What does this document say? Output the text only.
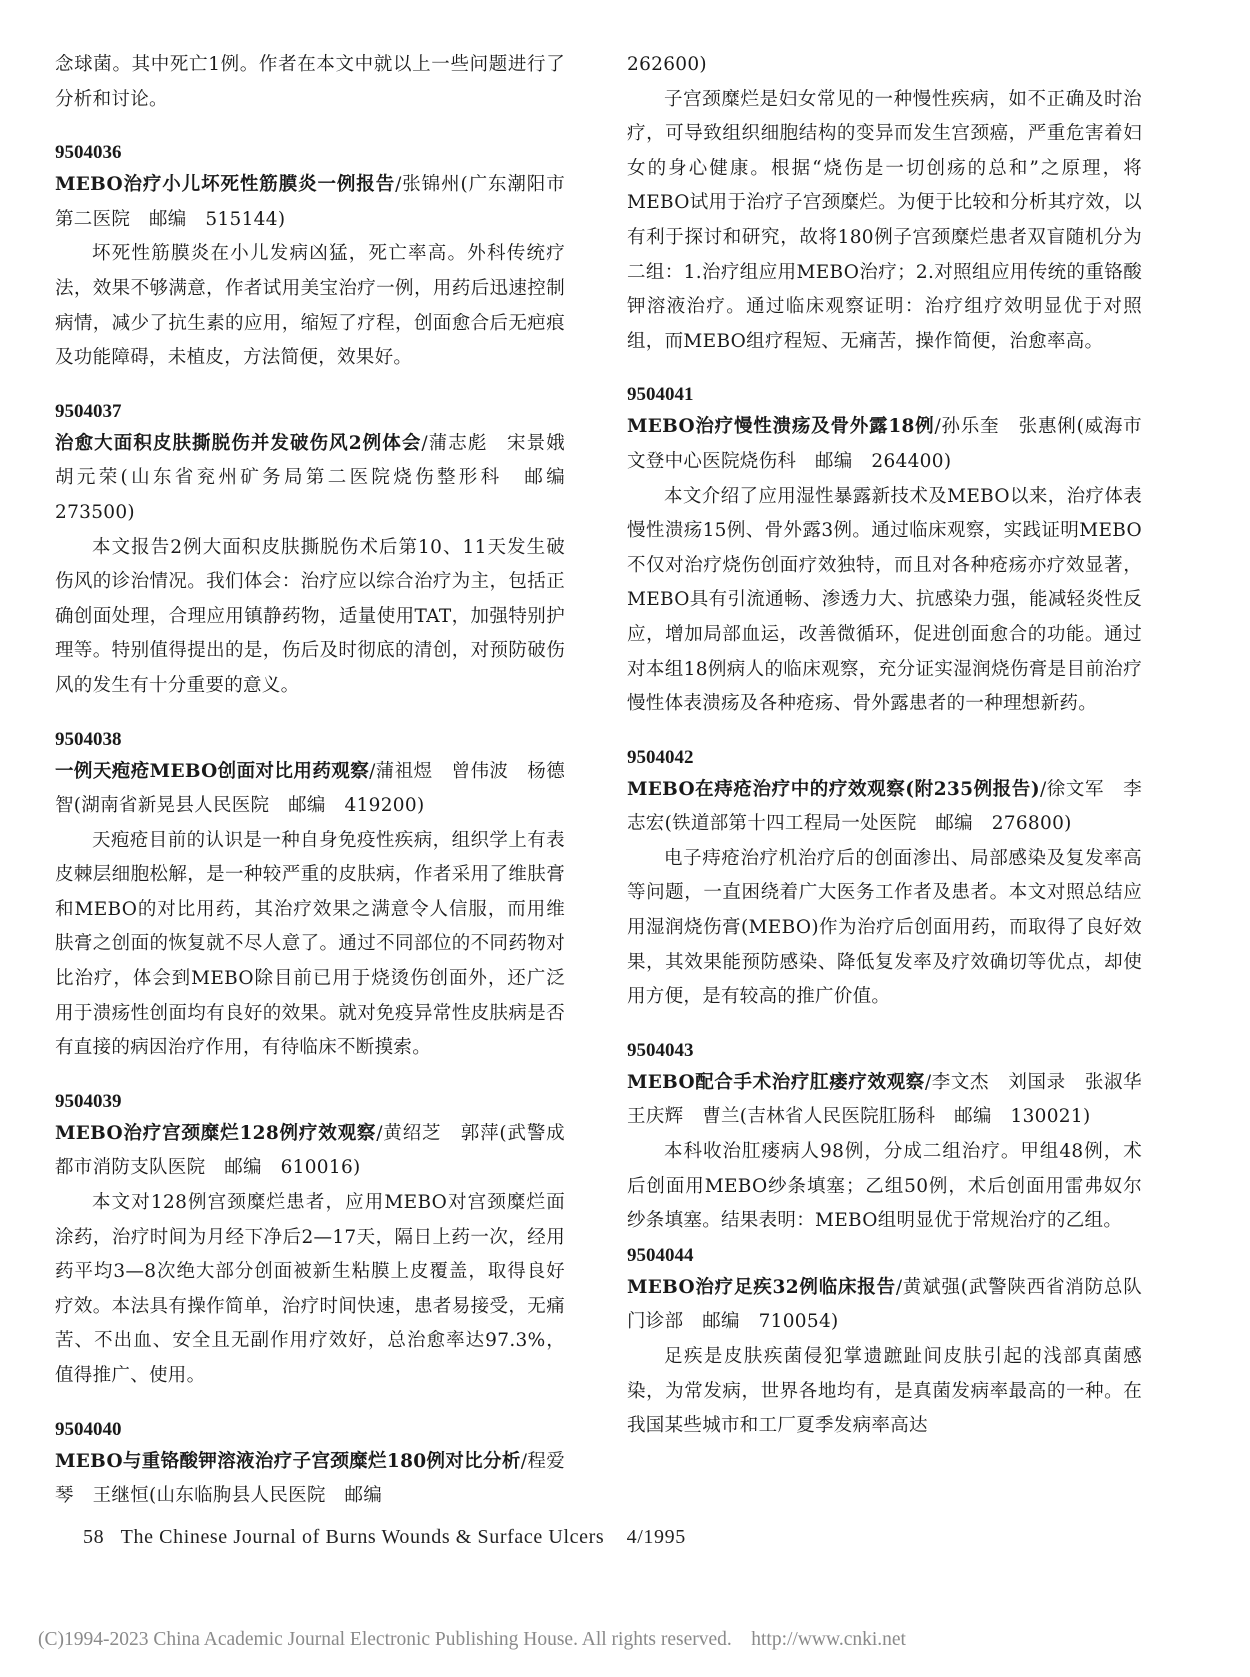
念球菌。其中死亡1例。作者在本文中就以上一些问题进行了分析和讨论。

9504036

MEBO治疗小儿坏死性筋膜炎一例报告/张锦州(广东潮阳市第二医院　邮编　515144)

坏死性筋膜炎在小儿发病凶猛，死亡率高。外科传统疗法，效果不够满意，作者试用美宝治疗一例，用药后迅速控制病情，减少了抗生素的应用，缩短了疗程，创面愈合后无疤痕及功能障碍，未植皮，方法简便，效果好。

9504037

治愈大面积皮肤撕脱伤并发破伤风2例体会/蒲志彪　宋景娥　胡元荣(山东省兖州矿务局第二医院烧伤整形科　邮编　273500)

本文报告2例大面积皮肤撕脱伤术后第10、11天发生破伤风的诊治情况。我们体会：治疗应以综合治疗为主，包括正确创面处理，合理应用镇静药物，适量使用TAT，加强特别护理等。特别值得提出的是，伤后及时彻底的清创，对预防破伤风的发生有十分重要的意义。

9504038

一例天疱疮MEBO创面对比用药观察/蒲祖煜　曾伟波　杨德智(湖南省新晃县人民医院　邮编　419200)

天疱疮目前的认识是一种自身免疫性疾病，组织学上有表皮棘层细胞松解，是一种较严重的皮肤病，作者采用了维肤膏和MEBO的对比用药，其治疗效果之满意令人信服，而用维肤膏之创面的恢复就不尽人意了。通过不同部位的不同药物对比治疗，体会到MEBO除目前已用于烧烫伤创面外，还广泛用于溃疡性创面均有良好的效果。就对免疫异常性皮肤病是否有直接的病因治疗作用，有待临床不断摸索。

9504039

MEBO治疗宫颈糜烂128例疗效观察/黄绍芝　郭萍(武警成都市消防支队医院　邮编　610016)

本文对128例宫颈糜烂患者，应用MEBO对宫颈糜烂面涂药，治疗时间为月经下净后2—17天，隔日上药一次，经用药平均3—8次绝大部分创面被新生粘膜上皮覆盖，取得良好疗效。本法具有操作简单，治疗时间快速，患者易接受，无痛苦、不出血、安全且无副作用疗效好，总治愈率达97.3%，值得推广、使用。

9504040

MEBO与重铬酸钾溶液治疗子宫颈糜烂180例对比分析/程爱琴　王继恒(山东临朐县人民医院　邮编

262600)

子宫颈糜烂是妇女常见的一种慢性疾病，如不正确及时治疗，可导致组织细胞结构的变异而发生宫颈癌，严重危害着妇女的身心健康。根据“烧伤是一切创疡的总和”之原理，将MEBO试用于治疗子宫颈糜烂。为便于比较和分析其疗效，以有利于探讨和研究，故将180例子宫颈糜烂患者双盲随机分为二组：1.治疗组应用MEBO治疗；2.对照组应用传统的重铬酸钾溶液治疗。通过临床观察证明：治疗组疗效明显优于对照组，而MEBO组疗程短、无痛苦，操作简便，治愈率高。

9504041

MEBO治疗慢性溃疡及骨外露18例/孙乐奎　张惠俐(威海市文登中心医院烧伤科　邮编　264400)

本文介绍了应用湿性暴露新技术及MEBO以来，治疗体表慢性溃疡15例、骨外露3例。通过临床观察，实践证明MEBO不仅对治疗烧伤创面疗效独特，而且对各种疮疡亦疗效显著，MEBO具有引流通畅、渗透力大、抗感染力强，能减轻炎性反应，增加局部血运，改善微循环，促进创面愈合的功能。通过对本组18例病人的临床观察，充分证实湿润烧伤膏是目前治疗慢性体表溃疡及各种疮疡、骨外露患者的一种理想新药。

9504042

MEBO在痔疮治疗中的疗效观察(附235例报告)/徐文军　李志宏(铁道部第十四工程局一处医院　邮编　276800)

电子痔疮治疗机治疗后的创面渗出、局部感染及复发率高等问题，一直困绕着广大医务工作者及患者。本文对照总结应用湿润烧伤膏(MEBO)作为治疗后创面用药，而取得了良好效果，其效果能预防感染、降低复发率及疗效确切等优点，却使用方便，是有较高的推广价值。

9504043

MEBO配合手术治疗肛瘘疗效观察/李文杰　刘国录　张淑华　王庆辉　曹兰(吉林省人民医院肛肠科　邮编　130021)

本科收治肛瘘病人98例，分成二组治疗。甲组48例，术后创面用MEBO纱条填塞；乙组50例，术后创面用雷弗奴尔纱条填塞。结果表明：MEBO组明显优于常规治疗的乙组。

9504044

MEBO治疗足疾32例临床报告/黄斌强(武警陕西省消防总队门诊部　邮编　710054)

足疾是皮肤疾菌侵犯掌遗蹠趾间皮肤引起的浅部真菌感染，为常发病，世界各地均有，是真菌发病率最高的一种。在我国某些城市和工厂夏季发病率高达

58 The Chinese Journal of Burns Wounds & Surface Ulcers 4/1995
(C)1994-2023 China Academic Journal Electronic Publishing House. All rights reserved. http://www.cnki.net
